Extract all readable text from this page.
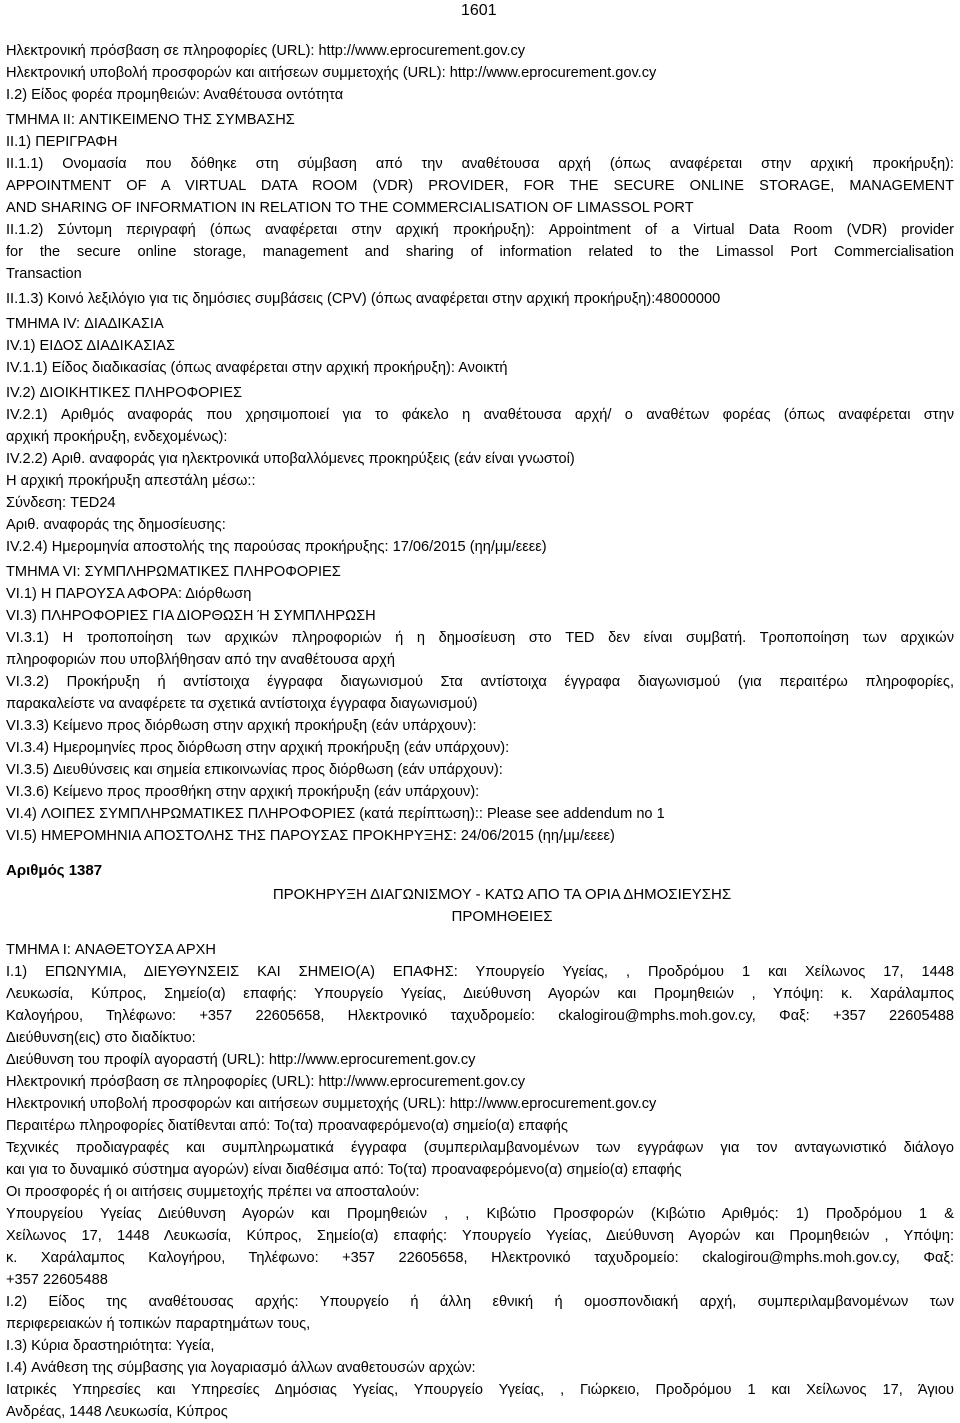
1601

Ηλεκτρονική πρόσβαση σε πληροφορίες (URL): http://www.eprocurement.gov.cy

Ηλεκτρονική υποβολή προσφορών και αιτήσεων συμμετοχής (URL): http://www.eprocurement.gov.cy

I.2) Είδος φορέα προμηθειών: Αναθέτουσα οντότητα

ΤΜΗΜΑ II: ΑΝΤΙΚΕΙΜΕΝΟ ΤΗΣ ΣΥΜΒΑΣΗΣ

II.1) ΠΕΡΙΓΡΑΦΗ

II.1.1) Ονομασία που δόθηκε στη σύμβαση από την αναθέτουσα αρχή (όπως αναφέρεται στην αρχική προκήρυξη):

APPOINTMENT OF A VIRTUAL DATA ROOM (VDR) PROVIDER, FOR THE SECURE ONLINE STORAGE, MANAGEMENT

AND SHARING OF INFORMATION IN RELATION TO THE COMMERCIALISATION OF LIMASSOL PORT

II.1.2) Σύντομη περιγραφή (όπως αναφέρεται στην αρχική προκήρυξη): Appointment of a Virtual Data Room (VDR) provider

for the secure online storage, management and sharing of information related to the Limassol Port Commercialisation

Transaction

II.1.3) Κοινό λεξιλόγιο για τις δημόσιες συμβάσεις (CPV) (όπως αναφέρεται στην αρχική προκήρυξη):48000000

ΤΜΗΜΑ IV: ΔΙΑΔΙΚΑΣΙΑ

IV.1) ΕΙΔΟΣ ΔΙΑΔΙΚΑΣΙΑΣ

IV.1.1) Είδος διαδικασίας (όπως αναφέρεται στην αρχική προκήρυξη): Ανοικτή

IV.2) ΔΙΟΙΚΗΤΙΚΕΣ ΠΛΗΡΟΦΟΡΙΕΣ

IV.2.1) Αριθμός αναφοράς που χρησιμοποιεί για το φάκελο η αναθέτουσα αρχή/ ο αναθέτων φορέας (όπως αναφέρεται στην

αρχική προκήρυξη, ενδεχομένως):

IV.2.2) Αριθ. αναφοράς για ηλεκτρονικά υποβαλλόμενες προκηρύξεις (εάν είναι γνωστοί)

Η αρχική προκήρυξη απεστάλη μέσω::

Σύνδεση: TED24

Αριθ. αναφοράς της δημοσίευσης:

IV.2.4) Ημερομηνία αποστολής της παρούσας προκήρυξης: 17/06/2015 (ηη/μμ/εεεε)

ΤΜΗΜΑ VI: ΣΥΜΠΛΗΡΩΜΑΤΙΚΕΣ ΠΛΗΡΟΦΟΡΙΕΣ

VI.1) Η ΠΑΡΟΥΣΑ ΑΦΟΡΑ: Διόρθωση

VI.3) ΠΛΗΡΟΦΟΡΙΕΣ ΓΙΑ ΔΙΟΡΘΩΣΗ Ή ΣΥΜΠΛΗΡΩΣΗ

VI.3.1) Η τροποποίηση των αρχικών πληροφοριών ή η δημοσίευση στο TED δεν είναι συμβατή. Τροποποίηση των αρχικών

πληροφοριών που υποβλήθησαν από την αναθέτουσα αρχή

VI.3.2) Προκήρυξη ή αντίστοιχα έγγραφα διαγωνισμού Στα αντίστοιχα έγγραφα διαγωνισμού (για περαιτέρω πληροφορίες,

παρακαλείστε να αναφέρετε τα σχετικά αντίστοιχα έγγραφα διαγωνισμού)

VI.3.3) Κείμενο προς διόρθωση στην αρχική προκήρυξη (εάν υπάρχουν):

VI.3.4) Ημερομηνίες προς διόρθωση στην αρχική προκήρυξη (εάν υπάρχουν):

VI.3.5) Διευθύνσεις και σημεία επικοινωνίας προς διόρθωση (εάν υπάρχουν):

VI.3.6) Κείμενο προς προσθήκη στην αρχική προκήρυξη (εάν υπάρχουν):

VI.4) ΛΟΙΠΕΣ ΣΥΜΠΛΗΡΩΜΑΤΙΚΕΣ ΠΛΗΡΟΦΟΡΙΕΣ (κατά περίπτωση):: Please see addendum no 1

VI.5) ΗΜΕΡΟΜΗΝΙΑ ΑΠΟΣΤΟΛΗΣ ΤΗΣ ΠΑΡΟΥΣΑΣ ΠΡΟΚΗΡΥΞΗΣ: 24/06/2015 (ηη/μμ/εεεε)

Αριθμός 1387
ΠΡΟΚΗΡΥΞΗ ΔΙΑΓΩΝΙΣΜΟΥ - ΚΑΤΩ ΑΠΟ ΤΑ ΟΡΙΑ ΔΗΜΟΣΙΕΥΣΗΣ
ΠΡΟΜΗΘΕΙΕΣ

ΤΜΗΜΑ I: ΑΝΑΘΕΤΟΥΣΑ ΑΡΧΗ

I.1) ΕΠΩΝΥΜΙΑ, ΔΙΕΥΘΥΝΣΕΙΣ ΚΑΙ ΣΗΜΕΙΟ(Α) ΕΠΑΦΗΣ: Υπουργείο Υγείας, , Προδρόμου 1 και Χείλωνος 17, 1448

Λευκωσία, Κύπρος, Σημείο(α) επαφής: Υπουργείο Υγείας, Διεύθυνση Αγορών και Προμηθειών , Υπόψη: κ. Χαράλαμπος

Καλογήρου, Τηλέφωνο: +357 22605658, Ηλεκτρονικό ταχυδρομείο: ckalogirou@mphs.moh.gov.cy, Φαξ: +357 22605488

Διεύθυνση(εις) στο διαδίκτυο:

Διεύθυνση του προφίλ αγοραστή (URL): http://www.eprocurement.gov.cy

Ηλεκτρονική πρόσβαση σε πληροφορίες (URL): http://www.eprocurement.gov.cy

Ηλεκτρονική υποβολή προσφορών και αιτήσεων συμμετοχής (URL): http://www.eprocurement.gov.cy

Περαιτέρω πληροφορίες διατίθενται από: Το(τα) προαναφερόμενο(α) σημείο(α) επαφής

Τεχνικές προδιαγραφές και συμπληρωματικά έγγραφα (συμπεριλαμβανομένων των εγγράφων για τον ανταγωνιστικό διάλογο

και για το δυναμικό σύστημα αγορών) είναι διαθέσιμα από: Το(τα) προαναφερόμενο(α) σημείο(α) επαφής

Οι προσφορές ή οι αιτήσεις συμμετοχής πρέπει να αποσταλούν:

Υπουργείου Υγείας Διεύθυνση Αγορών και Προμηθειών , , Κιβώτιο Προσφορών (Κιβώτιο Αριθμός: 1) Προδρόμου 1 &

Χείλωνος 17, 1448 Λευκωσία, Κύπρος, Σημείο(α) επαφής: Υπουργείο Υγείας, Διεύθυνση Αγορών και Προμηθειών , Υπόψη:

κ. Χαράλαμπος Καλογήρου, Τηλέφωνο: +357 22605658, Ηλεκτρονικό ταχυδρομείο: ckalogirou@mphs.moh.gov.cy, Φαξ:

+357 22605488

I.2) Είδος της αναθέτουσας αρχής: Υπουργείο ή άλλη εθνική ή ομοσπονδιακή αρχή, συμπεριλαμβανομένων των

περιφερειακών ή τοπικών παραρτημάτων τους,

I.3) Κύρια δραστηριότητα: Υγεία,

I.4) Ανάθεση της σύμβασης για λογαριασμό άλλων αναθετουσών αρχών:

Ιατρικές Υπηρεσίες και Υπηρεσίες Δημόσιας Υγείας, Υπουργείο Υγείας, , Γιώρκειο, Προδρόμου 1 και Χείλωνος 17, Άγιου

Ανδρέας, 1448 Λευκωσία, Κύπρος
